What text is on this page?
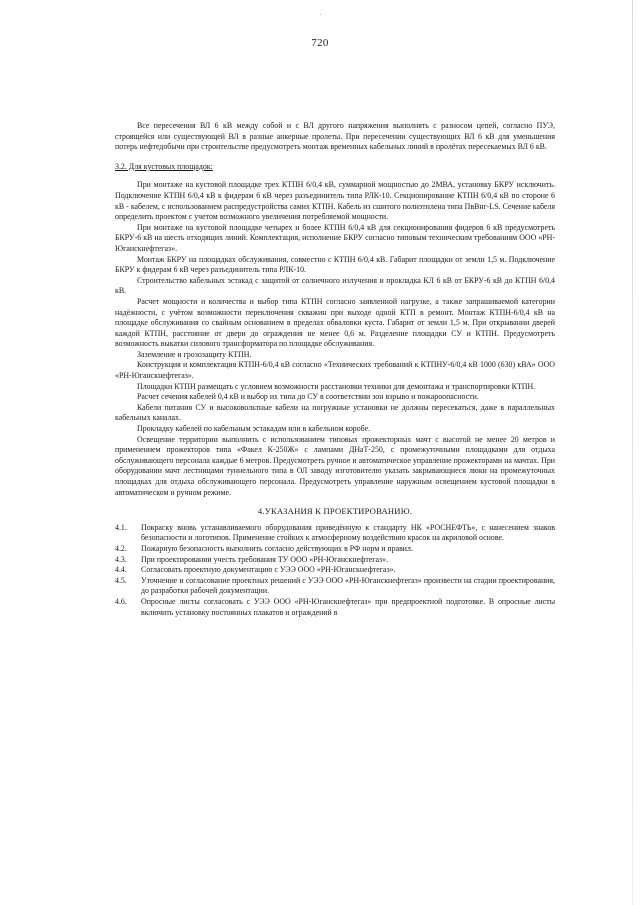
720

Все пересечения ВЛ 6 кВ между собой и с ВЛ другого напряжения выполнять с разносом цепей, согласно ПУЭ, строящейся или существующей ВЛ в разные анкерные пролеты. При пересечении существующих ВЛ 6 кВ для уменьшения потерь нефтедобычи при строительстве предусмотреть монтаж временных кабельных линий в пролётах пересекаемых ВЛ 6 кВ.

3.2. Для кустовых площадок:

При монтаже на кустовой площадке трех КТПН 6/0,4 кВ, суммарной мощностью до 2МВА, установку БКРУ исключить. Подключение КТПН 6/0,4 кВ к фидерам 6 кВ через разъединитель типа РЛК-10. Секционирование КТПН 6/0,4 кВ по стороне 6 кВ - кабелем, с использованием распредустройства самих КТПН. Кабель из сшитого полиэтилена типа ПвВнг-LS. Сечение кабеля определить проектом с учетом возможного увеличения потребляемой мощности.

При монтаже на кустовой площадке четырех и более КТПН 6/0,4 кВ для секционирования фидеров 6 кВ предусмотреть БКРУ-6 кВ на шесть отходящих линий. Комплектация, исполнение БКРУ согласно типовым техническим требованиям ООО «РН-Юганскнефтегаз».

Монтаж БКРУ на площадках обслуживания, совместно с КТПН 6/0,4 кВ. Габарит площадки от земли 1,5 м. Подключение БКРУ к фидерам 6 кВ через разъединитель типа РЛК-10.

Строительство кабельных эстакад с защитой от солнечного излучения и прокладка КЛ 6 кВ от БКРУ-6 кВ до КТПН 6/0,4 кВ.

Расчет мощности и количества и выбор типа КТПН согласно заявленной нагрузке, а также запрашиваемой категории надёжности, с учётом возможности переключения скважин при выходе одной КТП в ремонт. Монтаж КТПН-6/0,4 кВ на площадке обслуживания со свайным основанием в пределах обваловки куста. Габарит от земли 1,5 м. При открывании дверей каждой КТПН, расстояние от двери до ограждения не менее 0,6 м. Разделение площадки СУ и КТПН. Предусмотреть возможность выкатки силового трансформатора по площадке обслуживания.

Заземление и грозозащиту КТПН.

Конструкция и комплектация КТПН-6/0,4 кВ согласно «Технических требований к КТПНУ-6/0,4 кВ 1000 (630) кВА» ООО «РН-Юганскнефтегаз».

Площадки КТПН размещать с условием возможности расстановки техники для демонтажа и транспортировки КТПН.

Расчет сечения кабелей 0,4 кВ и выбор их типа до СУ в соответствии зон взрыво и пожароопасности.

Кабели питания СУ и высоковольтные кабели на погружные установки не должны пересекаться, даже в параллельных кабельных каналах.

Прокладку кабелей по кабельным эстакадам или в кабельном коробе.

Освещение территории выполнить с использованием типовых прожекторных мачт с высотой не менее 20 метров и применением прожекторов типа «Факел К-250Ж» с лампами ДНаТ-250, с промежуточными площадками для отдыха обслуживающего персонала каждые 6 метров. Предусмотреть ручное и автоматическое управление прожекторами на мачтах. При оборудовании мачт лестницами туннельного типа в ОЛ заводу изготовителю указать закрывающиеся люки на промежуточных площадках для отдыха обслуживающего персонала. Предусмотреть управление наружным освещением кустовой площадки в автоматическом и ручном режиме.

4.УКАЗАНИЯ К ПРОЕКТИРОВАНИЮ.

4.1.	Покраску вновь устанавливаемого оборудования приведённую к стандарту НК «РОСНЕФТЬ», с нанесением знаков безопасности и логотипов. Применение стойких к атмосферному воздействию красок на акриловой основе.
4.2.	Пожарную безопасность выполнить согласно действующих в РФ норм и правил.
4.3.	При проектировании учесть требования ТУ ООО «РН-Юганскнефтегаз».
4.4.	Согласовать проектную документацию с УЭЭ ООО «РН-Юганскнефтегаз».
4.5.	Уточнение и согласование проектных решений с УЭЭ ООО «РН-Юганскнефтегаз» произвести на стадии проектирования, до разработки рабочей документации.
4.6.	Опросные листы согласовать с УЭЭ ООО «РН-Юганскнефтегаз» при предпроектной подготовке. В опросные листы включить установку постоянных плакатов и ограждений в
